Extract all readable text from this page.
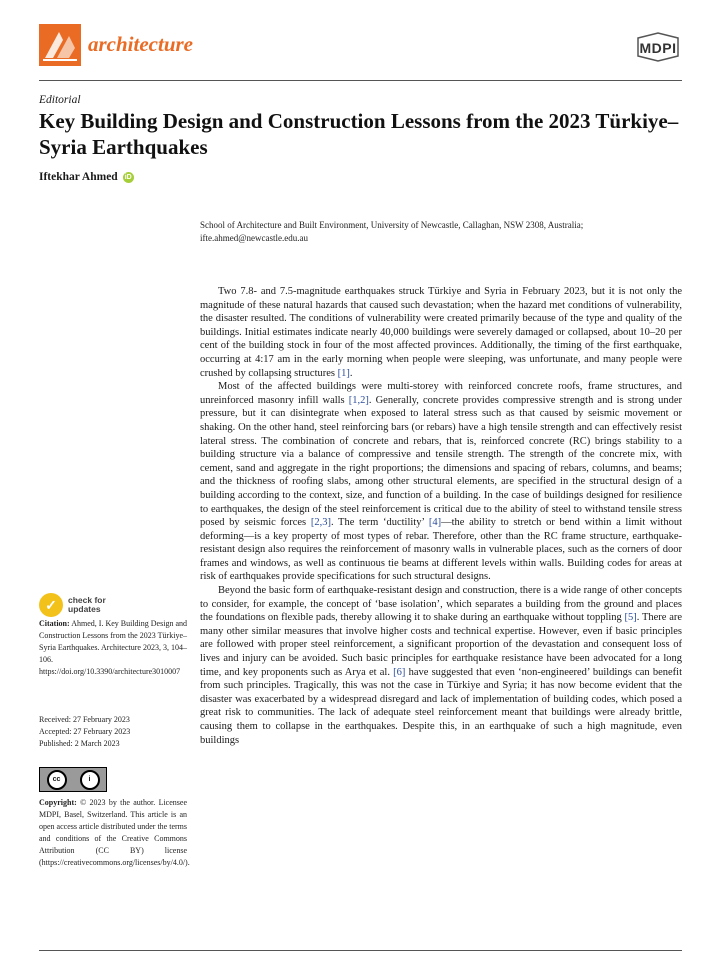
architecture	MDPI
Editorial
Key Building Design and Construction Lessons from the 2023 Türkiye–Syria Earthquakes
Iftekhar Ahmed iD
School of Architecture and Built Environment, University of Newcastle, Callaghan, NSW 2308, Australia;
ifte.ahmed@newcastle.edu.au
✓	check for
updates
Citation: Ahmed, I. Key Building Design and Construction Lessons from the 2023 Türkiye–Syria Earthquakes. Architecture 2023, 3, 104–106. https://doi.org/10.3390/architecture3010007
Received: 27 February 2023
Accepted: 27 February 2023
Published: 2 March 2023
cc	i
Copyright: © 2023 by the author. Licensee MDPI, Basel, Switzerland. This article is an open access article distributed under the terms and conditions of the Creative Commons Attribution (CC BY) license (https://creativecommons.org/licenses/by/4.0/).

Two 7.8- and 7.5-magnitude earthquakes struck Türkiye and Syria in February 2023, but it is not only the magnitude of these natural hazards that caused such devastation; when the hazard met conditions of vulnerability, the disaster resulted. The conditions of vulnerability were created primarily because of the type and quality of the buildings. Initial estimates indicate nearly 40,000 buildings were severely damaged or collapsed, about 10–20 per cent of the building stock in four of the most affected provinces. Additionally, the timing of the first earthquake, occurring at 4:17 am in the early morning when people were sleeping, was unfortunate, and many people were crushed by collapsing structures [1].

Most of the affected buildings were multi-storey with reinforced concrete roofs, frame structures, and unreinforced masonry infill walls [1,2]. Generally, concrete provides compressive strength and is strong under pressure, but it can disintegrate when exposed to lateral stress such as that caused by seismic movement or shaking. On the other hand, steel reinforcing bars (or rebars) have a high tensile strength and can effectively resist lateral stress. The combination of concrete and rebars, that is, reinforced concrete (RC) brings stability to a building structure via a balance of compressive and tensile strength. The strength of the concrete mix, with cement, sand and aggregate in the right proportions; the dimensions and spacing of rebars, columns, and beams; and the thickness of roofing slabs, among other structural elements, are specified in the structural design of a building according to the context, size, and function of a building. In the case of buildings designed for resilience to earthquakes, the design of the steel reinforcement is critical due to the ability of steel to withstand tensile stress posed by seismic forces [2,3]. The term ‘ductility’ [4]—the ability to stretch or bend within a limit without deforming—is a key property of most types of rebar. Therefore, other than the RC frame structure, earthquake-resistant design also requires the reinforcement of masonry walls in vulnerable places, such as the corners of door frames and windows, as well as continuous tie beams at different levels within walls. Building codes for areas at risk of earthquakes provide specifications for such structural designs.

Beyond the basic form of earthquake-resistant design and construction, there is a wide range of other concepts to consider, for example, the concept of ‘base isolation’, which separates a building from the ground and places the foundations on flexible pads, thereby allowing it to shake during an earthquake without toppling [5]. There are many other similar measures that involve higher costs and technical expertise. However, even if basic principles are followed with proper steel reinforcement, a significant proportion of the devastation and consequent loss of lives and injury can be avoided. Such basic principles for earthquake resistance have been advocated for a long time, and key proponents such as Arya et al. [6] have suggested that even ‘non-engineered’ buildings can benefit from such principles. Tragically, this was not the case in Türkiye and Syria; it has now become evident that the disaster was exacerbated by a widespread disregard and lack of implementation of building codes, which posed a great risk to communities. The lack of adequate steel reinforcement meant that buildings were already brittle, causing them to collapse in the earthquakes. Despite this, in an earthquake of such a high magnitude, even buildings
